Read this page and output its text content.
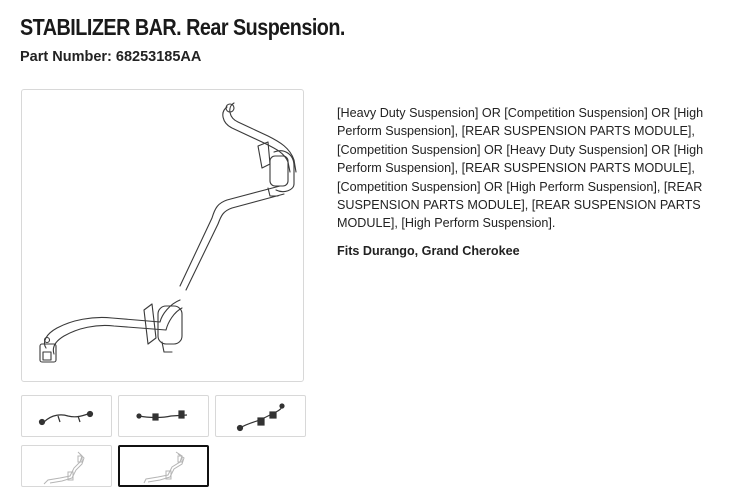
STABILIZER BAR. Rear Suspension.
Part Number: 68253185AA
[Heavy Duty Suspension] OR [Competition Suspension] OR [High Perform Suspension], [REAR SUSPENSION PARTS MODULE], [Competition Suspension] OR [Heavy Duty Suspension] OR [High Perform Suspension], [REAR SUSPENSION PARTS MODULE], [Competition Suspension] OR [High Perform Suspension], [REAR SUSPENSION PARTS MODULE], [REAR SUSPENSION PARTS MODULE], [High Perform Suspension].
Fits Durango, Grand Cherokee
